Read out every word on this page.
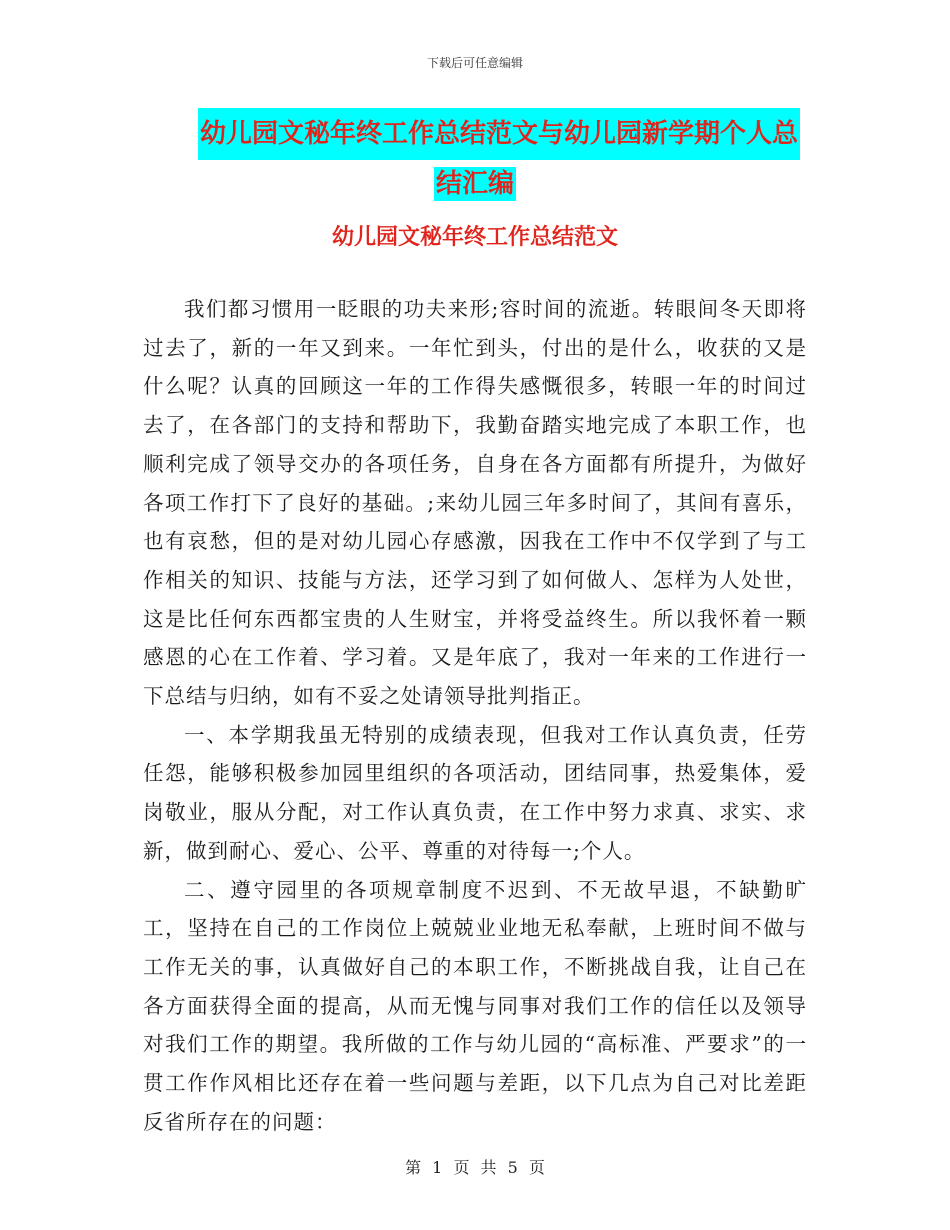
下载后可任意编辑
幼儿园文秘年终工作总结范文与幼儿园新学期个人总
结汇编
幼儿园文秘年终工作总结范文

我们都习惯用一眨眼的功夫来形;容时间的流逝。转眼间冬天即将过去了，新的一年又到来。一年忙到头，付出的是什么，收获的又是什么呢？认真的回顾这一年的工作得失感慨很多，转眼一年的时间过去了，在各部门的支持和帮助下，我勤奋踏实地完成了本职工作，也顺利完成了领导交办的各项任务，自身在各方面都有所提升，为做好各项工作打下了良好的基础。;来幼儿园三年多时间了，其间有喜乐，也有哀愁，但的是对幼儿园心存感激，因我在工作中不仅学到了与工作相关的知识、技能与方法，还学习到了如何做人、怎样为人处世，这是比任何东西都宝贵的人生财宝，并将受益终生。所以我怀着一颗感恩的心在工作着、学习着。又是年底了，我对一年来的工作进行一下总结与归纳，如有不妥之处请领导批判指正。

一、本学期我虽无特别的成绩表现，但我对工作认真负责，任劳任怨，能够积极参加园里组织的各项活动，团结同事，热爱集体，爱岗敬业，服从分配，对工作认真负责，在工作中努力求真、求实、求新，做到耐心、爱心、公平、尊重的对待每一;个人。

二、遵守园里的各项规章制度不迟到、不无故早退，不缺勤旷工，坚持在自己的工作岗位上兢兢业业地无私奉献，上班时间不做与工作无关的事，认真做好自己的本职工作，不断挑战自我，让自己在各方面获得全面的提高，从而无愧与同事对我们工作的信任以及领导对我们工作的期望。我所做的工作与幼儿园的“高标准、严要求”的一贯工作作风相比还存在着一些问题与差距，以下几点为自己对比差距反省所存在的问题：

第 1 页 共 5 页
